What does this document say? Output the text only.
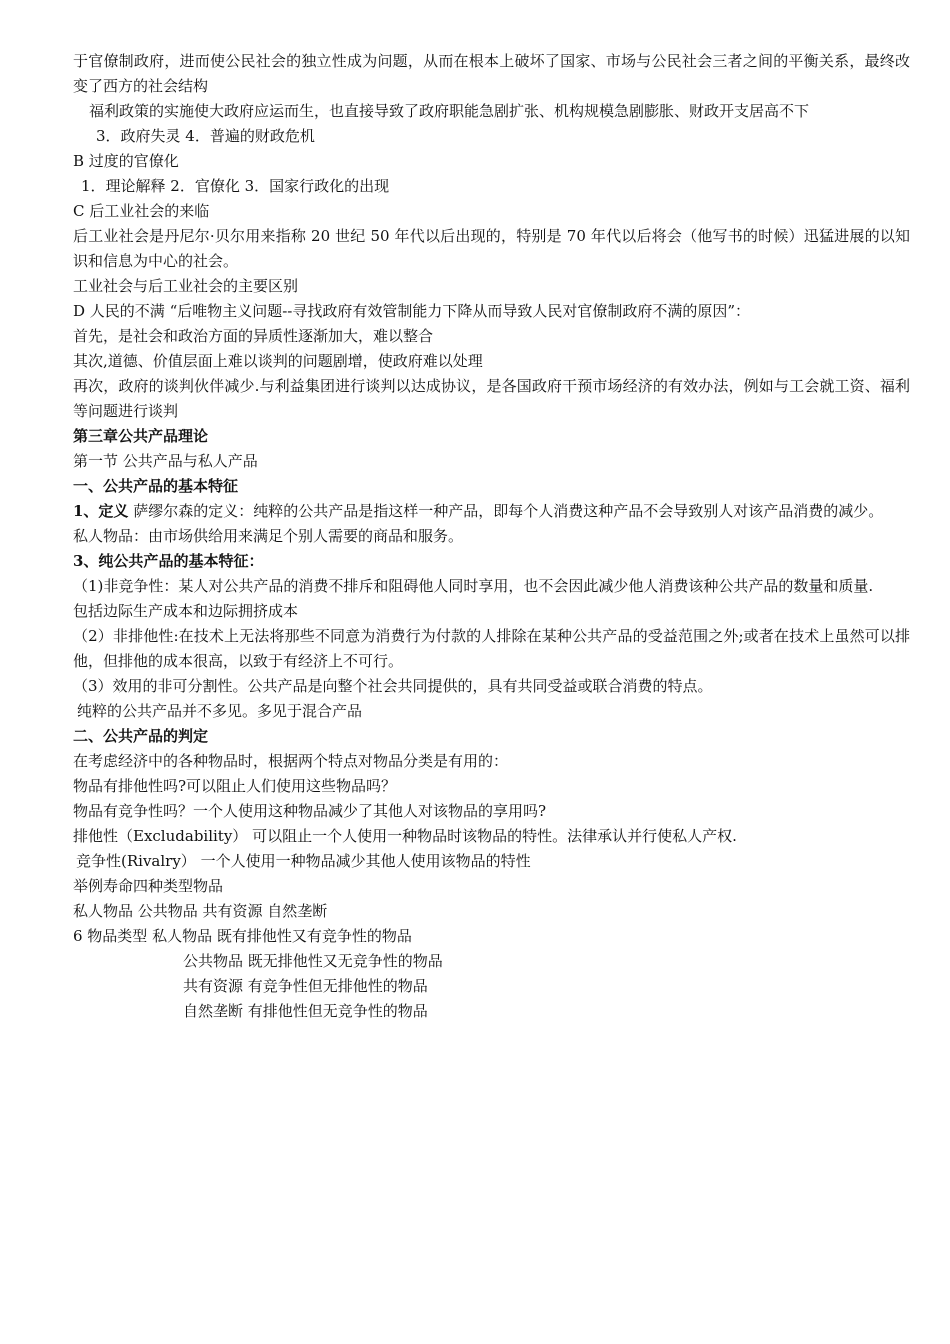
于官僚制政府，进而使公民社会的独立性成为问题，从而在根本上破坏了国家、市场与公民社会三者之间的平衡关系，最终改变了西方的社会结构
福利政策的实施使大政府应运而生，也直接导致了政府职能急剧扩张、机构规模急剧膨胀、财政开支居高不下
3．政府失灵 4．普遍的财政危机
B 过度的官僚化
1．理论解释 2．官僚化 3．国家行政化的出现
C 后工业社会的来临
后工业社会是丹尼尔·贝尔用来指称 20 世纪 50 年代以后出现的，特别是 70 年代以后将会（他写书的时候）迅猛进展的以知识和信息为中心的社会。
工业社会与后工业社会的主要区别
D 人民的不满 “后唯物主义问题--寻找政府有效管制能力下降从而导致人民对官僚制政府不满的原因”：
首先，是社会和政治方面的异质性逐渐加大，难以整合
其次,道德、价值层面上难以谈判的问题剧增，使政府难以处理
再次，政府的谈判伙伴减少.与利益集团进行谈判以达成协议，是各国政府干预市场经济的有效办法，例如与工会就工资、福利等问题进行谈判
第三章公共产品理论
第一节 公共产品与私人产品
一、公共产品的基本特征
1、定义 萨缪尔森的定义：纯粹的公共产品是指这样一种产品，即每个人消费这种产品不会导致别人对该产品消费的减少。
私人物品：由市场供给用来满足个别人需要的商品和服务。
3、纯公共产品的基本特征：
（1)非竞争性：某人对公共产品的消费不排斥和阻碍他人同时享用，也不会因此减少他人消费该种公共产品的数量和质量.
包括边际生产成本和边际拥挤成本
（2）非排他性:在技术上无法将那些不同意为消费行为付款的人排除在某种公共产品的受益范围之外;或者在技术上虽然可以排他，但排他的成本很高，以致于有经济上不可行。
（3）效用的非可分割性。公共产品是向整个社会共同提供的，具有共同受益或联合消费的特点。
纯粹的公共产品并不多见。多见于混合产品
二、公共产品的判定
在考虑经济中的各种物品时，根据两个特点对物品分类是有用的：
物品有排他性吗?可以阻止人们使用这些物品吗？
物品有竞争性吗？一个人使用这种物品减少了其他人对该物品的享用吗?
排他性（Excludability） 可以阻止一个人使用一种物品时该物品的特性。法律承认并行使私人产权.
竞争性(Rivalry） 一个人使用一种物品减少其他人使用该物品的特性
举例寿命四种类型物品
私人物品 公共物品 共有资源 自然垄断
6 物品类型 私人物品 既有排他性又有竞争性的物品
公共物品 既无排他性又无竞争性的物品
共有资源 有竞争性但无排他性的物品
自然垄断 有排他性但无竞争性的物品
